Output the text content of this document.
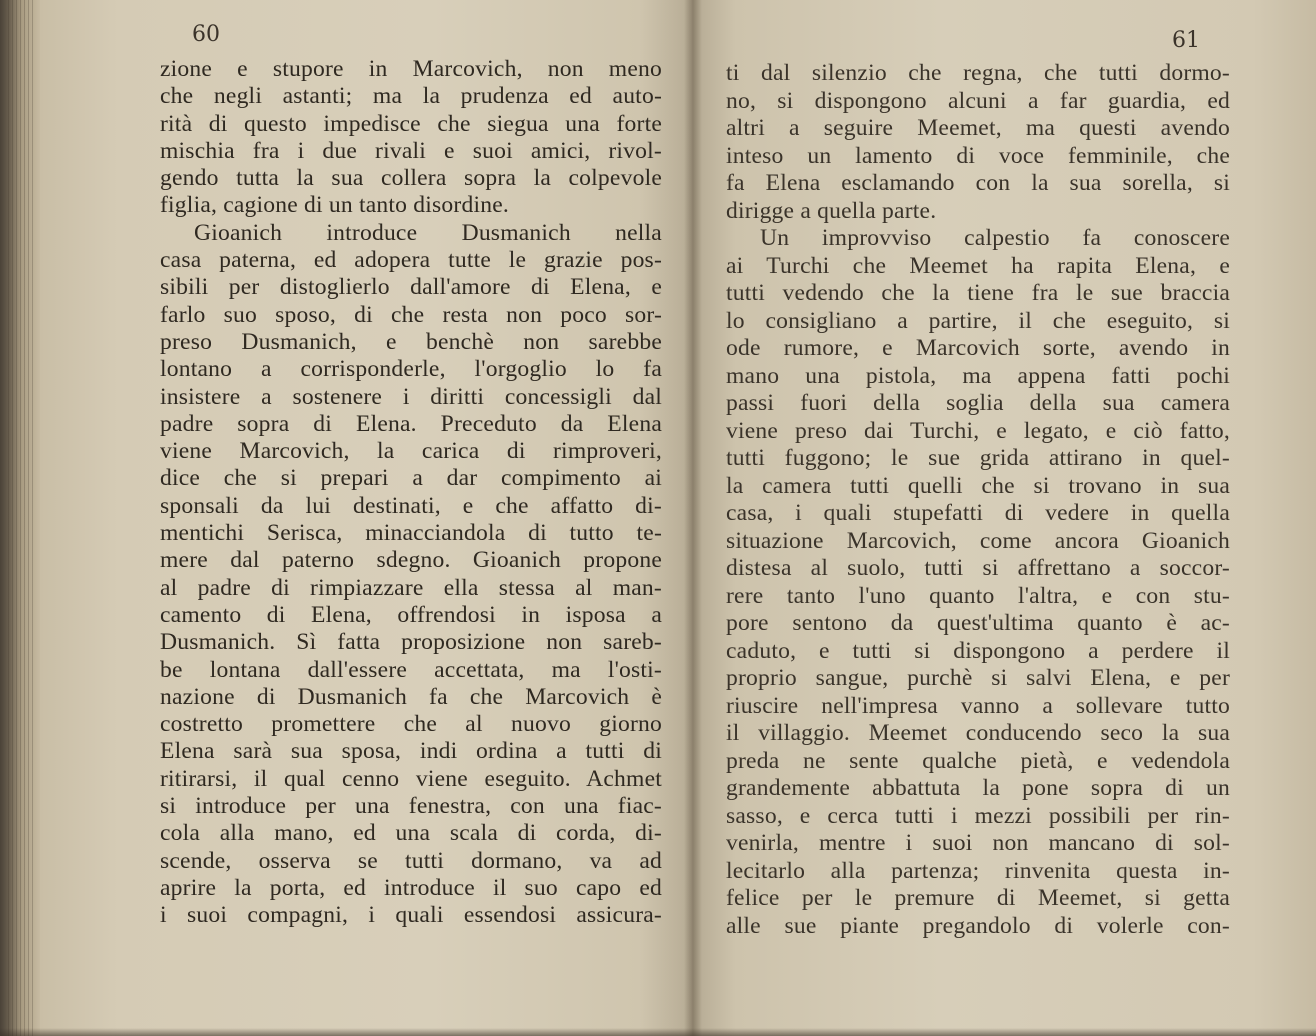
60	61
zione e stupore in Marcovich, non meno
che negli astanti; ma la prudenza ed auto-
rità di questo impedisce che siegua una forte
mischia fra i due rivali e suoi amici, rivol-
gendo tutta la sua collera sopra la colpevole
figlia, cagione di un tanto disordine.
Gioanich introduce Dusmanich nella
casa paterna, ed adopera tutte le grazie pos-
sibili per distoglierlo dall'amore di Elena, e
farlo suo sposo, di che resta non poco sor-
preso Dusmanich, e benchè non sarebbe
lontano a corrisponderle, l'orgoglio lo fa
insistere a sostenere i diritti concessigli dal
padre sopra di Elena. Preceduto da Elena
viene Marcovich, la carica di rimproveri,
dice che si prepari a dar compimento ai
sponsali da lui destinati, e che affatto di-
mentichi Serisca, minacciandola di tutto te-
mere dal paterno sdegno. Gioanich propone
al padre di rimpiazzare ella stessa al man-
camento di Elena, offrendosi in isposa a
Dusmanich. Sì fatta proposizione non sareb-
be lontana dall'essere accettata, ma l'osti-
nazione di Dusmanich fa che Marcovich è
costretto promettere che al nuovo giorno
Elena sarà sua sposa, indi ordina a tutti di
ritirarsi, il qual cenno viene eseguito. Achmet
si introduce per una fenestra, con una fiac-
cola alla mano, ed una scala di corda, di-
scende, osserva se tutti dormano, va ad
aprire la porta, ed introduce il suo capo ed
i suoi compagni, i quali essendosi assicura-
ti dal silenzio che regna, che tutti dormo-
no, si dispongono alcuni a far guardia, ed
altri a seguire Meemet, ma questi avendo
inteso un lamento di voce femminile, che
fa Elena esclamando con la sua sorella, si
dirigge a quella parte.
Un improvviso calpestio fa conoscere
ai Turchi che Meemet ha rapita Elena, e
tutti vedendo che la tiene fra le sue braccia
lo consigliano a partire, il che eseguito, si
ode rumore, e Marcovich sorte, avendo in
mano una pistola, ma appena fatti pochi
passi fuori della soglia della sua camera
viene preso dai Turchi, e legato, e ciò fatto,
tutti fuggono; le sue grida attirano in quel-
la camera tutti quelli che si trovano in sua
casa, i quali stupefatti di vedere in quella
situazione Marcovich, come ancora Gioanich
distesa al suolo, tutti si affrettano a soccor-
rere tanto l'uno quanto l'altra, e con stu-
pore sentono da quest'ultima quanto è ac-
caduto, e tutti si dispongono a perdere il
proprio sangue, purchè si salvi Elena, e per
riuscire nell'impresa vanno a sollevare tutto
il villaggio. Meemet conducendo seco la sua
preda ne sente qualche pietà, e vedendola
grandemente abbattuta la pone sopra di un
sasso, e cerca tutti i mezzi possibili per rin-
venirla, mentre i suoi non mancano di sol-
lecitarlo alla partenza; rinvenita questa in-
felice per le premure di Meemet, si getta
alle sue piante pregandolo di volerle con-
